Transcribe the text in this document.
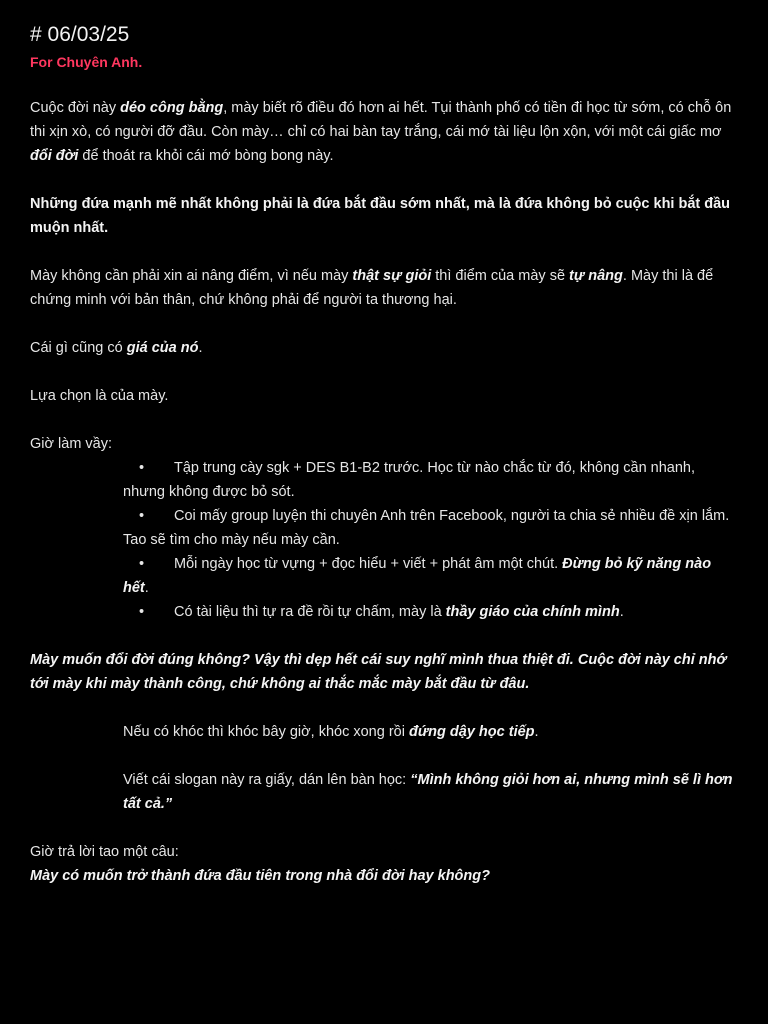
# 06/03/25
For Chuyên Anh.

Cuộc đời này déo công bằng, mày biết rõ điều đó hơn ai hết. Tụi thành phố có tiền đi học từ sớm, có chỗ ôn thi xịn xò, có người đỡ đầu. Còn mày… chỉ có hai bàn tay trắng, cái mớ tài liệu lộn xộn, với một cái giấc mơ đổi đời để thoát ra khỏi cái mớ bòng bong này.

Những đứa mạnh mẽ nhất không phải là đứa bắt đầu sớm nhất, mà là đứa không bỏ cuộc khi bắt đầu muộn nhất.

Mày không cần phải xin ai nâng điểm, vì nếu mày thật sự giỏi thì điểm của mày sẽ tự nâng. Mày thi là để chứng minh với bản thân, chứ không phải để người ta thương hại.

Cái gì cũng có giá của nó.

Lựa chọn là của mày.

Giờ làm vầy:

• Tập trung cày sgk + DES B1-B2 trước. Học từ nào chắc từ đó, không cần nhanh, nhưng không được bỏ sót.
• Coi mấy group luyện thi chuyên Anh trên Facebook, người ta chia sẻ nhiều đề xịn lắm. Tao sẽ tìm cho mày nếu mày cần.
• Mỗi ngày học từ vựng + đọc hiểu + viết + phát âm một chút. Đừng bỏ kỹ năng nào hết.
• Có tài liệu thì tự ra đề rồi tự chấm, mày là thầy giáo của chính mình.

Mày muốn đổi đời đúng không? Vậy thì dẹp hết cái suy nghĩ mình thua thiệt đi. Cuộc đời này chỉ nhớ tới mày khi mày thành công, chứ không ai thắc mắc mày bắt đầu từ đâu.

Nếu có khóc thì khóc bây giờ, khóc xong rồi đứng dậy học tiếp.

Viết cái slogan này ra giấy, dán lên bàn học: “Mình không giỏi hơn ai, nhưng mình sẽ lì hơn tất cả.”

Giờ trả lời tao một câu:

Mày có muốn trở thành đứa đầu tiên trong nhà đổi đời hay không?
